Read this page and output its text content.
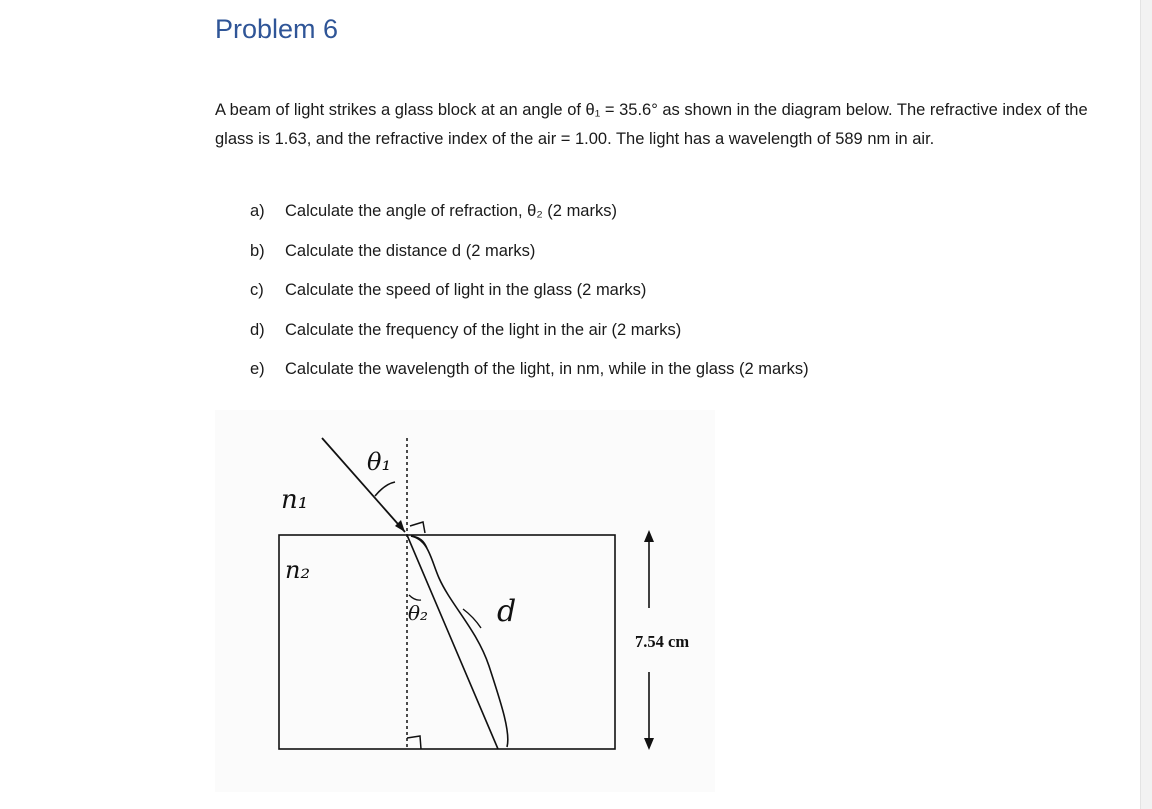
Problem 6
A beam of light strikes a glass block at an angle of θ₁ = 35.6° as shown in the diagram below. The refractive index of the glass is 1.63, and the refractive index of the air = 1.00. The light has a wavelength of 589 nm in air.
a) Calculate the angle of refraction, θ₂ (2 marks)
b) Calculate the distance d (2 marks)
c) Calculate the speed of light in the glass (2 marks)
d) Calculate the frequency of the light in the air (2 marks)
e) Calculate the wavelength of the light, in nm, while in the glass (2 marks)
θ₁
θ₂
n₁
n₂
d
7.54 cm
